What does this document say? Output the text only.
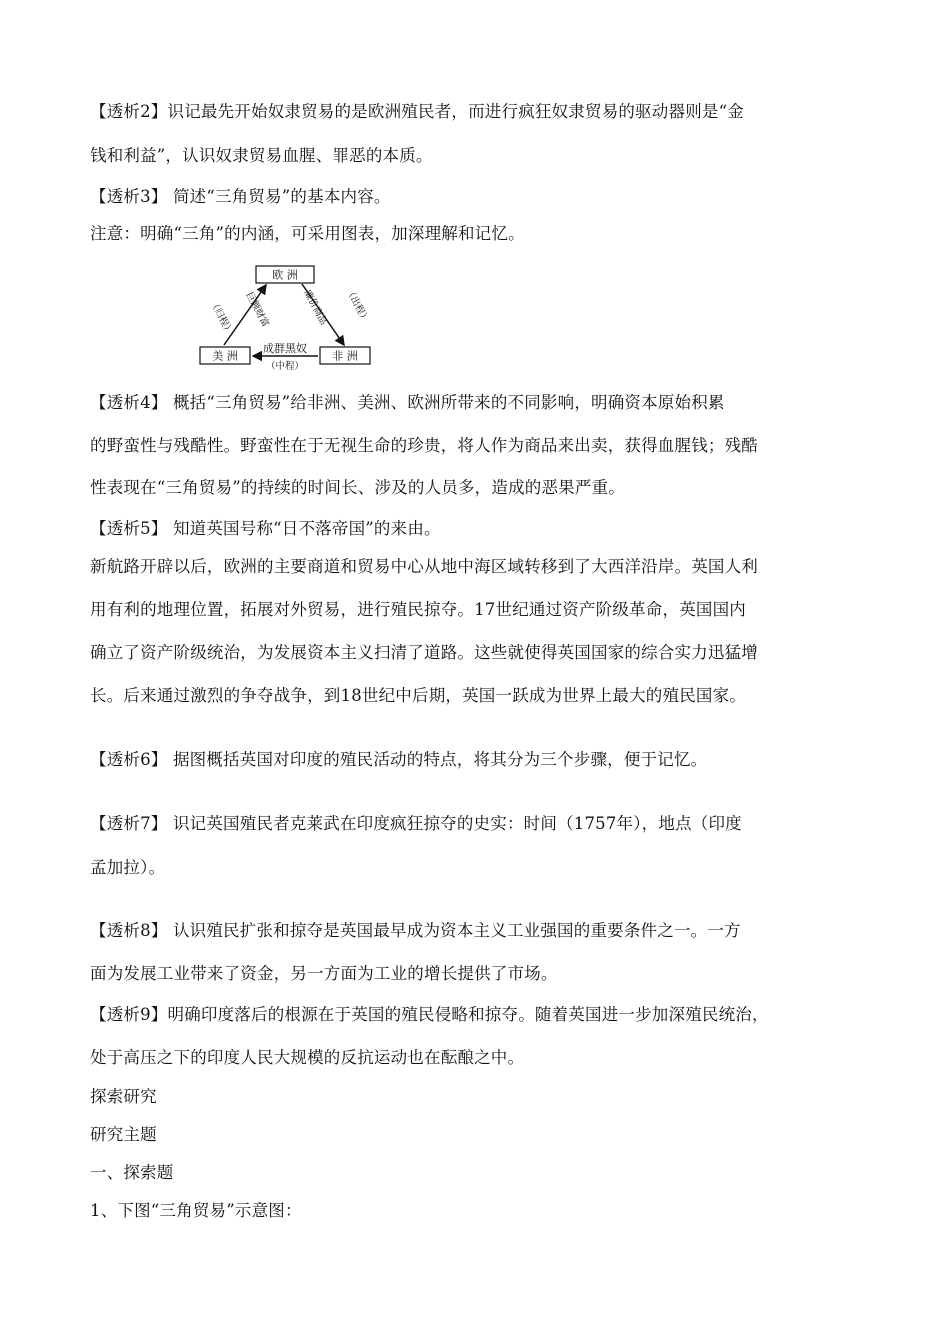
【透析2】识记最先开始奴隶贸易的是欧洲殖民者，而进行疯狂奴隶贸易的驱动器则是“金
钱和利益”，认识奴隶贸易血腥、罪恶的本质。
【透析3】 简述“三角贸易”的基本内容。
注意：明确“三角”的内涵，可采用图表，加深理解和记忆。
欧 洲
美 洲	非 洲
（归程） 巨额财富	廉价商品 （出程）
成群黑奴
（中程）
【透析4】 概括“三角贸易”给非洲、美洲、欧洲所带来的不同影响，明确资本原始积累
的野蛮性与残酷性。野蛮性在于无视生命的珍贵，将人作为商品来出卖，获得血腥钱；残酷
性表现在“三角贸易”的持续的时间长、涉及的人员多，造成的恶果严重。
【透析5】 知道英国号称“日不落帝国”的来由。
新航路开辟以后，欧洲的主要商道和贸易中心从地中海区域转移到了大西洋沿岸。英国人利
用有利的地理位置，拓展对外贸易，进行殖民掠夺。17世纪通过资产阶级革命，英国国内
确立了资产阶级统治，为发展资本主义扫清了道路。这些就使得英国国家的综合实力迅猛增
长。后来通过激烈的争夺战争，到18世纪中后期，英国一跃成为世界上最大的殖民国家。
【透析6】 据图概括英国对印度的殖民活动的特点，将其分为三个步骤，便于记忆。
【透析7】 识记英国殖民者克莱武在印度疯狂掠夺的史实：时间（1757年），地点（印度
孟加拉）。
【透析8】 认识殖民扩张和掠夺是英国最早成为资本主义工业强国的重要条件之一。一方
面为发展工业带来了资金，另一方面为工业的增长提供了市场。
【透析9】明确印度落后的根源在于英国的殖民侵略和掠夺。随着英国进一步加深殖民统治，
处于高压之下的印度人民大规模的反抗运动也在酝酿之中。
探索研究
研究主题
一、探索题
1、下图“三角贸易”示意图：
